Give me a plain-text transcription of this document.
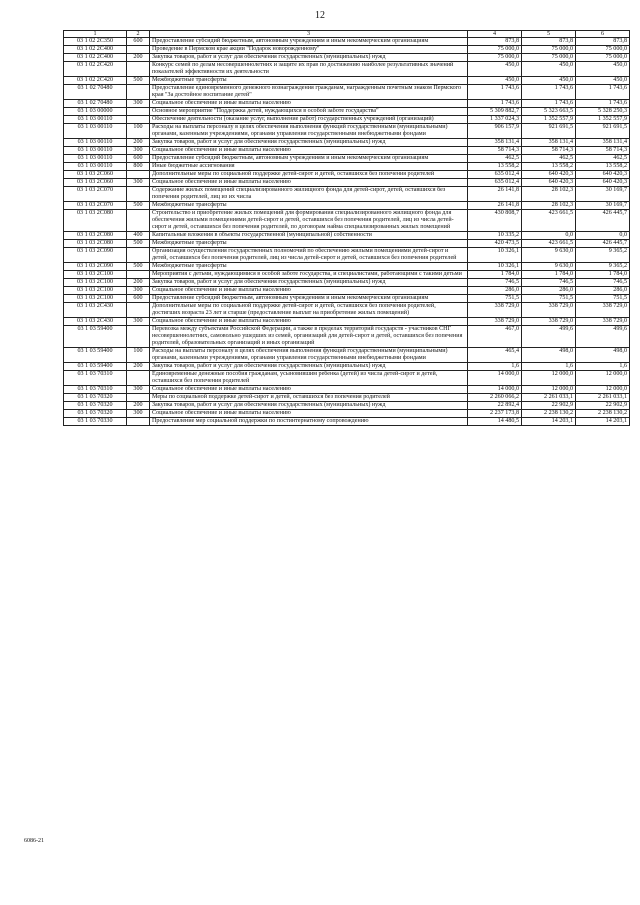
12
1	2	3	4	5	6
03 1 02 2С350	600	Предоставление субсидий бюджетным, автономным учреждениям и иным некоммерческим организациям	873,8	873,8	873,8
03 1 02 2С400		Проведение в Пермском крае акции "Подарок новорожденному"	75 000,0	75 000,0	75 000,0
03 1 02 2С400	200	Закупка товаров, работ и услуг для обеспечения государственных (муниципальных) нужд	75 000,0	75 000,0	75 000,0
03 1 02 2С420		Конкурс семей по делам несовершеннолетних и защите их прав по достижению наиболее результативных значений показателей эффективности их деятельности	450,0	450,0	450,0
03 1 02 2С420	500	Межбюджетные трансферты	450,0	450,0	450,0
03 1 02 70480		Предоставление единовременного денежного вознаграждения гражданам, награжденным почетным знаком Пермского края "За достойное воспитание детей"	1 743,6	1 743,6	1 743,6
03 1 02 70480	300	Социальное обеспечение и иные выплаты населению	1 743,6	1 743,6	1 743,6
03 1 03 00000		Основное мероприятие "Поддержка детей, нуждающихся в особой заботе государства"	5 309 882,7	5 323 663,5	5 328 250,3
03 1 03 00110		Обеспечение деятельности (оказание услуг, выполнение работ) государственных учреждений (организаций)	1 337 024,3	1 352 557,9	1 352 557,9
03 1 03 00110	100	Расходы на выплаты персоналу в целях обеспечения выполнения функций государственными (муниципальными) органами, казенными учреждениями, органами управления государственными внебюджетными фондами	906 157,9	921 691,5	921 691,5
03 1 03 00110	200	Закупка товаров, работ и услуг для обеспечения государственных (муниципальных) нужд	358 131,4	358 131,4	358 131,4
03 1 03 00110	300	Социальное обеспечение и иные выплаты населению	58 714,3	58 714,3	58 714,3
03 1 03 00110	600	Предоставление субсидий бюджетным, автономным учреждениям и иным некоммерческим организациям	462,5	462,5	462,5
03 1 03 00110	800	Иные бюджетные ассигнования	13 558,2	13 558,2	13 558,2
03 1 03 2С060		Дополнительные меры по социальной поддержке детей-сирот и детей, оставшихся без попечения родителей	635 012,4	640 420,3	640 420,3
03 1 03 2С060	300	Социальное обеспечение и иные выплаты населению	635 012,4	640 420,3	640 420,3
03 1 03 2С070		Содержание жилых помещений специализированного жилищного фонда для детей-сирот, детей, оставшихся без попечения родителей, лиц из их числа	26 141,8	28 102,3	30 169,7
03 1 03 2С070	500	Межбюджетные трансферты	26 141,8	28 102,3	30 169,7
03 1 03 2С080		Строительство и приобретение жилых помещений для формирования специализированного жилищного фонда для обеспечения жилыми помещениями детей-сирот и детей, оставшихся без попечения родителей, лиц из числа детей-сирот и детей, оставшихся без попечения родителей, по договорам найма специализированных жилых помещений	430 808,7	423 661,5	426 445,7
03 1 03 2С080	400	Капитальные вложения в объекты государственной (муниципальной) собственности	10 335,2	0,0	0,0
03 1 03 2С080	500	Межбюджетные трансферты	420 473,5	423 661,5	426 445,7
03 1 03 2С090		Организация осуществления государственных полномочий по обеспечению жилыми помещениями детей-сирот и детей, оставшихся без попечения родителей, лиц из числа детей-сирот и детей, оставшихся без попечения родителей	10 326,1	9 630,0	9 365,2
03 1 03 2С090	500	Межбюджетные трансферты	10 326,1	9 630,0	9 365,2
03 1 03 2С100		Мероприятия с детьми, нуждающимися в особой заботе государства, и специалистами, работающими с такими детьми	1 784,0	1 784,0	1 784,0
03 1 03 2С100	200	Закупка товаров, работ и услуг для обеспечения государственных (муниципальных) нужд	746,5	746,5	746,5
03 1 03 2С100	300	Социальное обеспечение и иные выплаты населению	286,0	286,0	286,0
03 1 03 2С100	600	Предоставление субсидий бюджетным, автономным учреждениям и иным некоммерческим организациям	751,5	751,5	751,5
03 1 03 2С430		Дополнительные меры по социальной поддержке детей-сирот и детей, оставшихся без попечения родителей, достигших возраста 23 лет и старше (предоставление выплат на приобретение жилых помещений)	338 729,0	338 729,0	338 729,0
03 1 03 2С430	300	Социальное обеспечение и иные выплаты населению	338 729,0	338 729,0	338 729,0
03 1 03 59400		Перевозка между субъектами Российской Федерации, а также в пределах территорий государств - участников СНГ несовершеннолетних, самовольно ушедших из семей, организаций для детей-сирот и детей, оставшихся без попечения родителей, образовательных организаций и иных организаций	467,0	499,6	499,6
03 1 03 59400	100	Расходы на выплаты персоналу в целях обеспечения выполнения функций государственными (муниципальными) органами, казенными учреждениями, органами управления государственными внебюджетными фондами	465,4	498,0	498,0
03 1 03 59400	200	Закупка товаров, работ и услуг для обеспечения государственных (муниципальных) нужд	1,6	1,6	1,6
03 1 03 70310		Единовременные денежные пособия гражданам, усыновившим ребенка (детей) из числа детей-сирот и детей, оставшихся без попечения родителей	14 000,0	12 000,0	12 000,0
03 1 03 70310	300	Социальное обеспечение и иные выплаты населению	14 000,0	12 000,0	12 000,0
03 1 03 70320		Меры по социальной поддержке детей-сирот и детей, оставшихся без попечения родителей	2 260 066,2	2 261 033,1	2 261 033,1
03 1 03 70320	200	Закупка товаров, работ и услуг для обеспечения государственных (муниципальных) нужд	22 892,4	22 902,9	22 902,9
03 1 03 70320	300	Социальное обеспечение и иные выплаты населению	2 237 173,8	2 238 130,2	2 238 130,2
03 1 03 70330		Предоставление мер социальной поддержки по постинтернатному сопровождению	14 480,5	14 203,1	14 203,1
6086-21
